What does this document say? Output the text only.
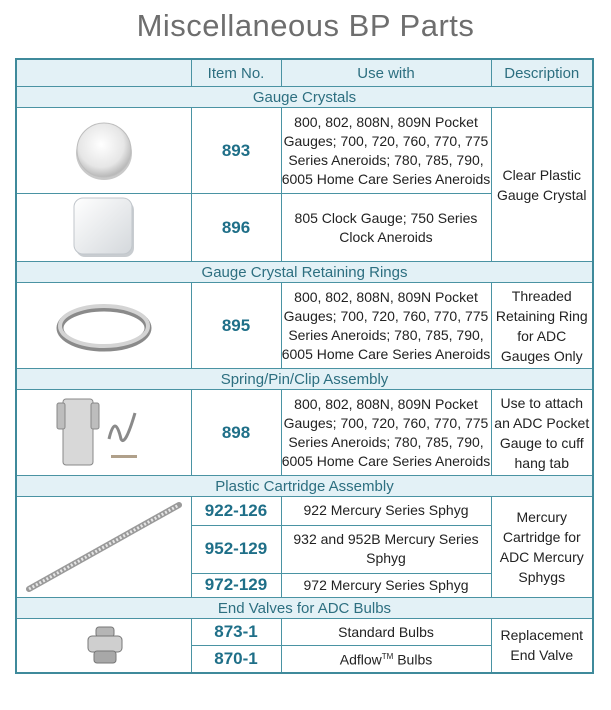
Miscellaneous BP Parts
	Item No.	Use with	Description
Gauge Crystals			

	893	800, 802, 808N, 809N Pocket Gauges; 700, 720, 760, 770, 775 Series Aneroids; 780, 785, 790, 6005 Home Care Series Aneroids	Clear Plastic Gauge Crystal

	896	805 Clock Gauge; 750 Series Clock Aneroids	
Gauge Crystal Retaining Rings			

	895	800, 802, 808N, 809N Pocket Gauges; 700, 720, 760, 770, 775 Series Aneroids; 780, 785, 790, 6005 Home Care Series Aneroids	Threaded Retaining Ring for ADC Gauges Only
Spring/Pin/Clip Assembly			

	898	800, 802, 808N, 809N Pocket Gauges; 700, 720, 760, 770, 775 Series Aneroids; 780, 785, 790, 6005 Home Care Series Aneroids	Use to attach an ADC Pocket Gauge to cuff hang tab
Plastic Cartridge Assembly			

	922-126	922 Mercury Series Sphyg	Mercury Cartridge for ADC Mercury Sphygs
	952-129	932 and 952B Mercury Series Sphyg	
	972-129	972 Mercury Series Sphyg	
End Valves for ADC Bulbs			

	873-1	Standard Bulbs	Replacement End Valve
	870-1	Adflow™ Bulbs	
